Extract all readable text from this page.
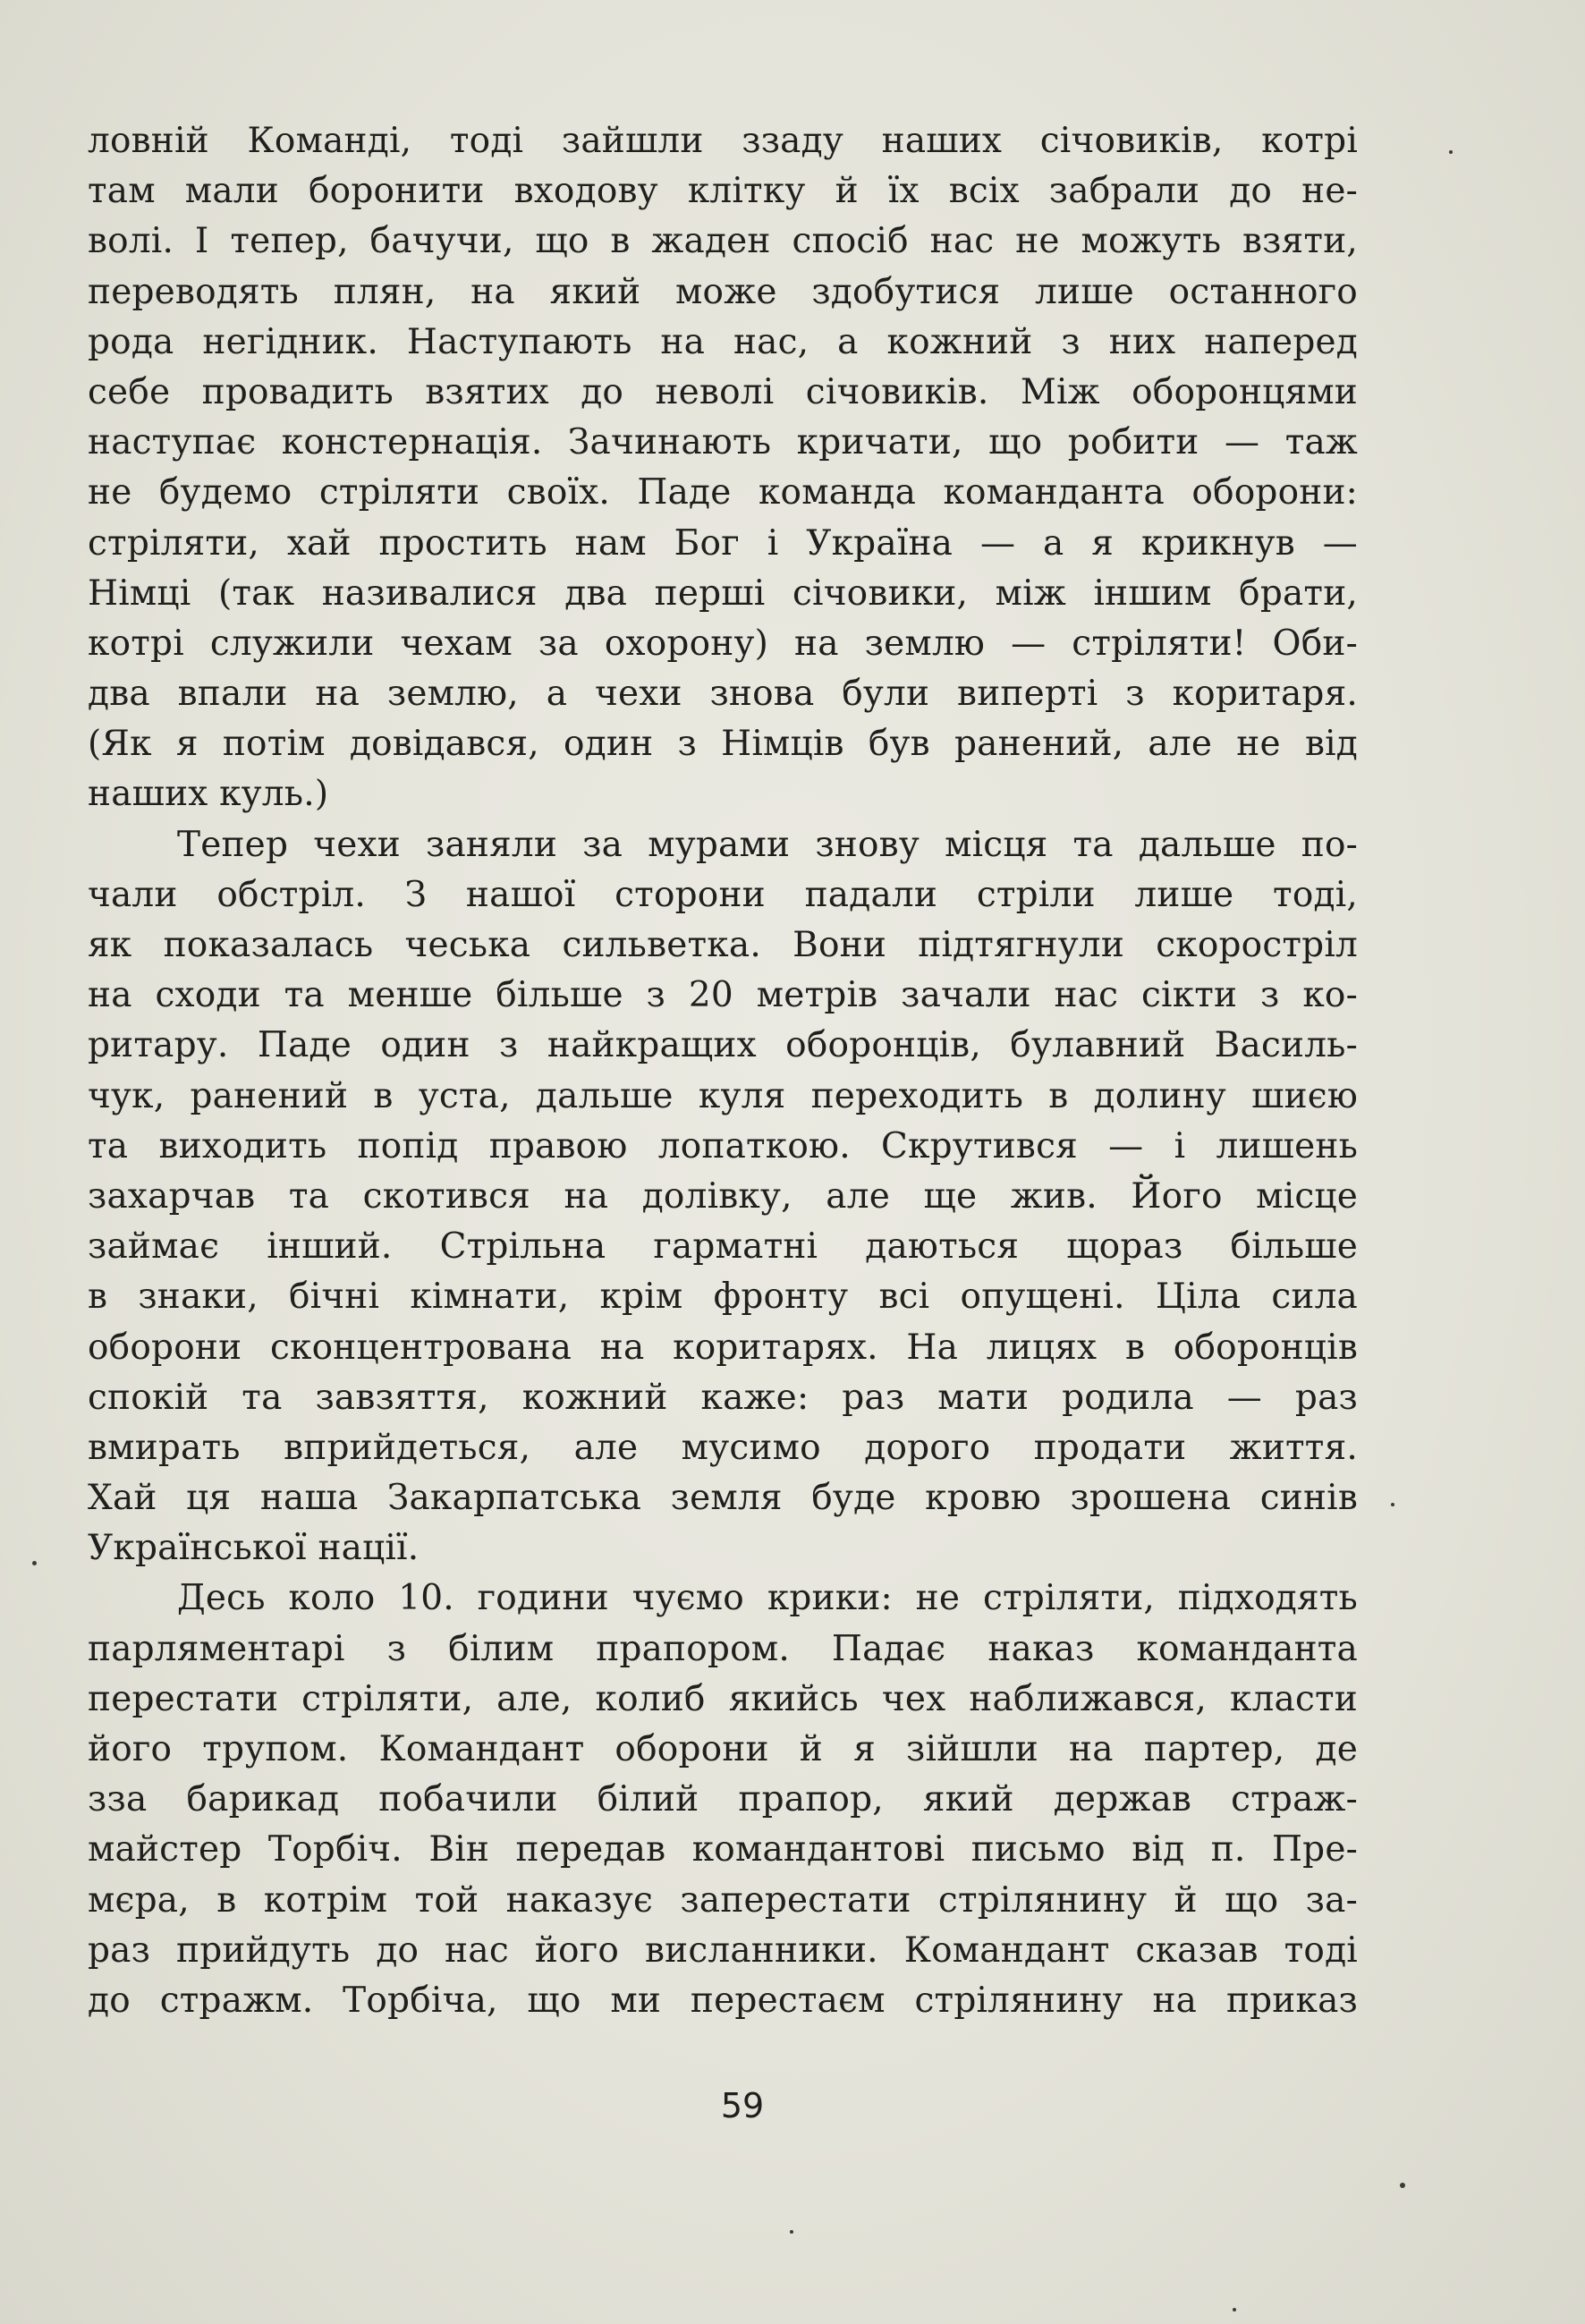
ловній Команді, тоді зайшли ззаду наших січовиків, котрі
там мали боронити входову клітку й їх всіх забрали до не-
волі. І тепер, бачучи, що в жаден спосіб нас не можуть взяти,
переводять плян, на який може здобутися лише останного
рода негідник. Наступають на нас, а кожний з них наперед
себе провадить взятих до неволі січовиків. Між оборонцями
наступає констернація. Зачинають кричати, що робити — таж
не будемо стріляти своїх. Паде команда команданта оборони:
стріляти, хай простить нам Бог і Україна — а я крикнув —
Німці (так називалися два перші січовики, між іншим брати,
котрі служили чехам за охорону) на землю — стріляти! Оби-
два впали на землю, а чехи знова були виперті з коритаря.
(Як я потім довідався, один з Німців був ранений, але не від
наших куль.)
Тепер чехи заняли за мурами знову місця та дальше по-
чали обстріл. З нашої сторони падали стріли лише тоді,
як показалась чеська сильветка. Вони підтягнули скоростріл
на сходи та менше більше з 20 метрів зачали нас сікти з ко-
ритару. Паде один з найкращих оборонців, булавний Василь-
чук, ранений в уста, дальше куля переходить в долину шиєю
та виходить попід правою лопаткою. Скрутився — і лишень
захарчав та скотився на долівку, але ще жив. Його місце
займає інший. Стрільна гарматні даються щораз більше
в знаки, бічні кімнати, крім фронту всі опущені. Ціла сила
оборони сконцентрована на коритарях. На лицях в оборонців
спокій та завзяття, кожний каже: раз мати родила — раз
вмирать вприйдеться, але мусимо дорого продати життя.
Хай ця наша Закарпатська земля буде кровю зрошена синів
Української нації.
Десь коло 10. години чуємо крики: не стріляти, підходять
парляментарі з білим прапором. Падає наказ команданта
перестати стріляти, але, колиб якийсь чех наближався, класти
його трупом. Командант оборони й я зійшли на партер, де
зза барикад побачили білий прапор, який держав страж-
майстер Торбіч. Він передав командантові письмо від п. Пре-
мєра, в котрім той наказує заперестати стрілянину й що за-
раз прийдуть до нас його висланники. Командант сказав тоді
до стражм. Торбіча, що ми перестаєм стрілянину на приказ
59
